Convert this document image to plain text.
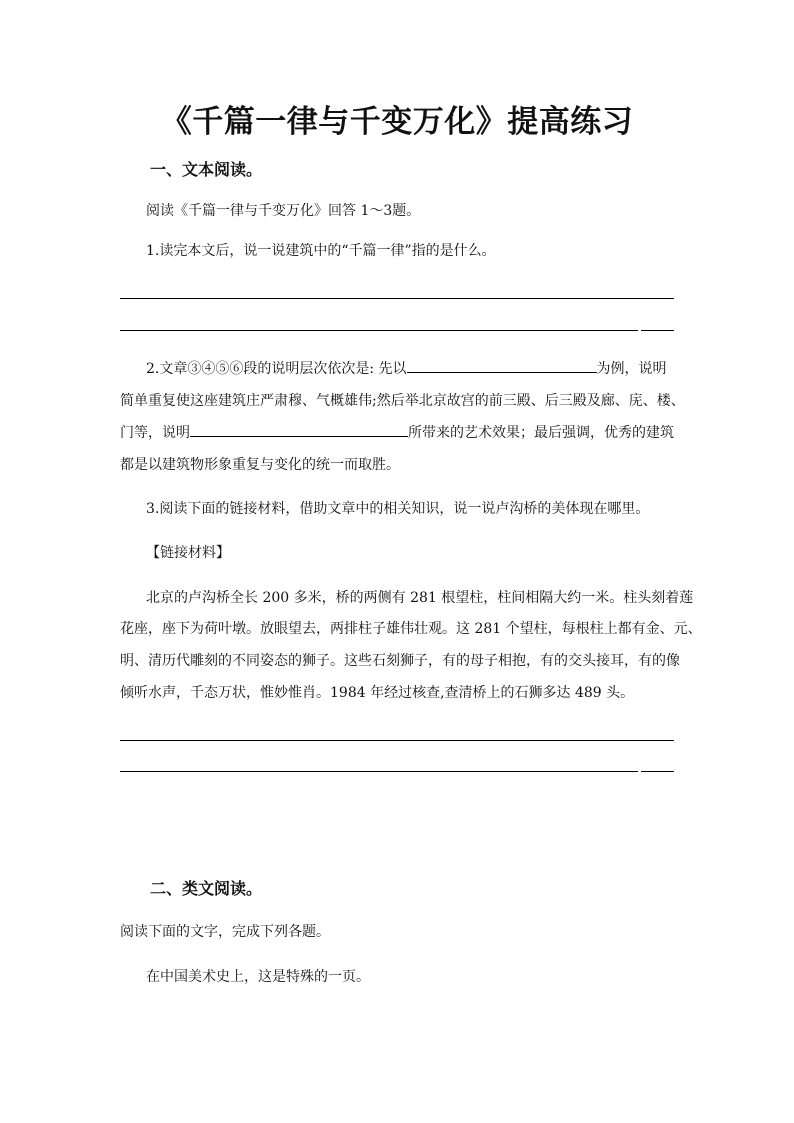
《千篇一律与千变万化》提高练习
一、文本阅读。
阅读《千篇一律与千变万化》回答 1～3题。
1.读完本文后，说一说建筑中的“千篇一律”指的是什么。
2.文章③④⑤⑥段的说明层次依次是: 先以	为例，说明
简单重复使这座建筑庄严肃穆、气概雄伟;然后举北京故宫的前三殿、后三殿及廊、庑、楼、
门等，说明	所带来的艺术效果；最后强调，优秀的建筑
都是以建筑物形象重复与变化的统一而取胜。
3.阅读下面的链接材料，借助文章中的相关知识，说一说卢沟桥的美体现在哪里。
【链接材料】
北京的卢沟桥全长 200 多米，桥的两侧有 281 根望柱，柱间相隔大约一米。柱头刻着莲
花座，座下为荷叶墩。放眼望去，两排柱子雄伟壮观。这 281 个望柱，每根柱上都有金、元、
明、清历代雕刻的不同姿态的狮子。这些石刻狮子，有的母子相抱，有的交头接耳，有的像
倾听水声，千态万状，惟妙惟肖。1984 年经过核查,查清桥上的石狮多达 489 头。
二、类文阅读。
阅读下面的文字，完成下列各题。
在中国美术史上，这是特殊的一页。
